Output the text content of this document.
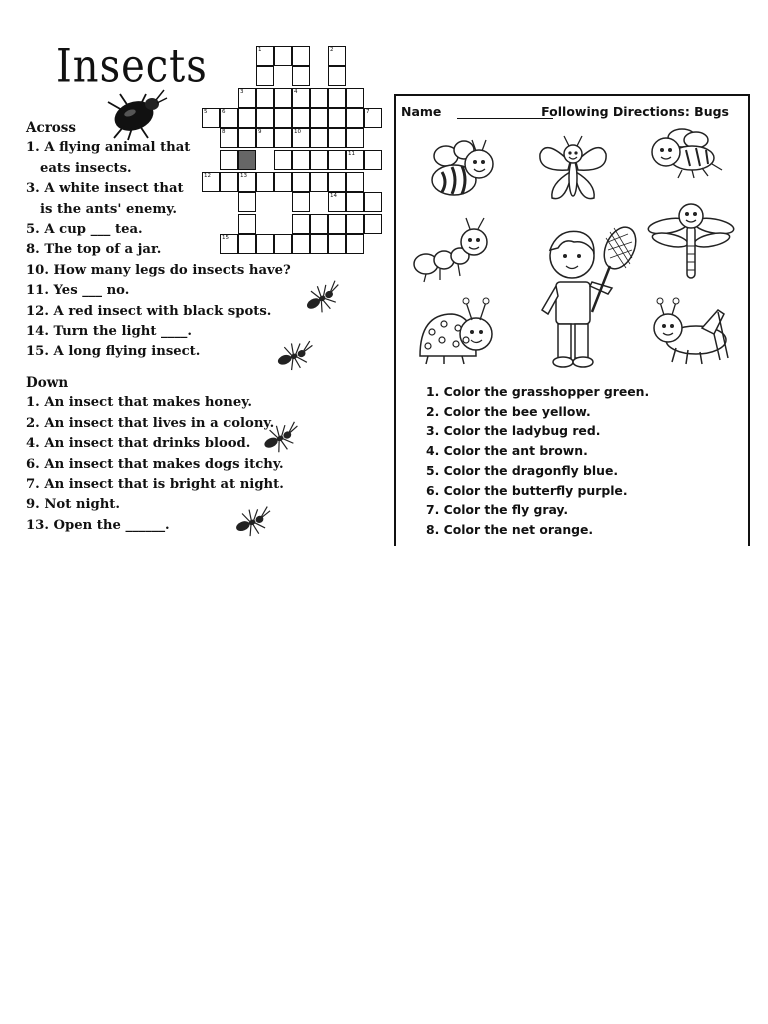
Insects	1	2
3	4
5	6	7
8	9	10
11
12	13
14
15
Across
1. A flying animal that
eats insects.
3. A white insect that
is the ants' enemy.
5. A cup ___ tea.
8. The top of a jar.
10. How many legs do insects have?
11. Yes ___ no.
12. A red insect with black spots.
14. Turn the light ____.
15. A long flying insect.
Down
1. An insect that makes honey.
2. An insect that lives in a colony.
4. An insect that drinks blood.
6. An insect that makes dogs itchy.
7. An insect that is bright at night.
9. Not night.
13. Open the ______.
Name	Following Directions: Bugs
1. Color the grasshopper green.
2. Color the bee yellow.
3. Color the ladybug red.
4. Color the ant brown.
5. Color the dragonfly blue.
6. Color the butterfly purple.
7. Color the fly gray.
8. Color the net orange.
